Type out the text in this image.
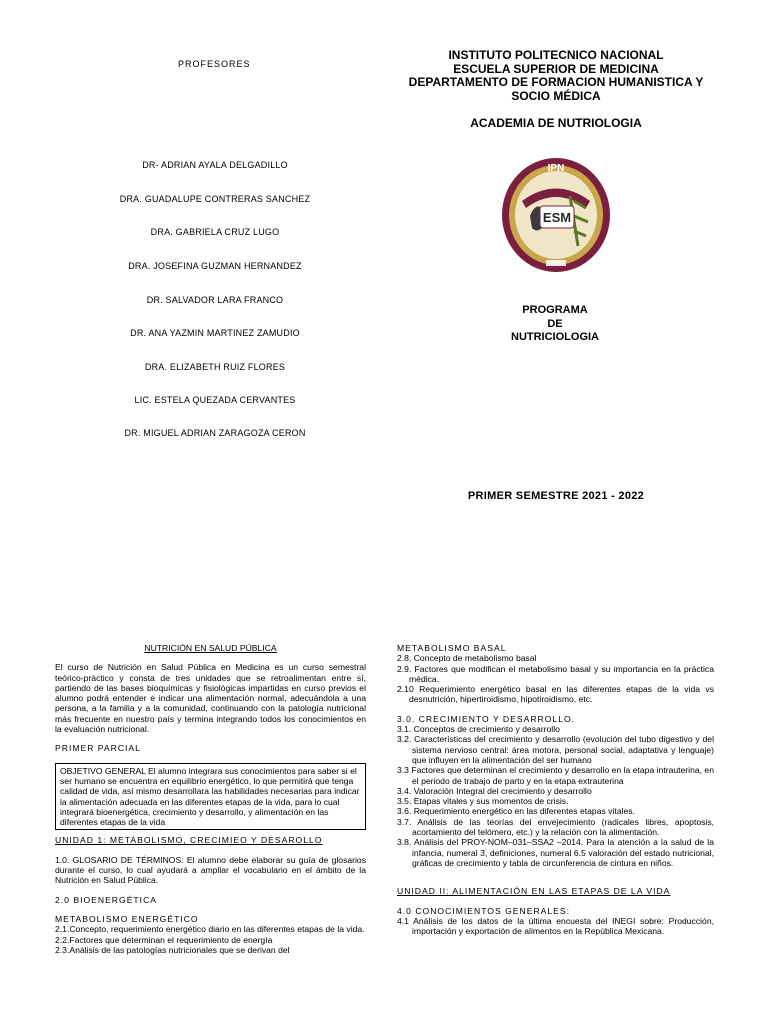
PROFESORES
DR- ADRIAN AYALA DELGADILLO
DRA. GUADALUPE CONTRERAS SANCHEZ
DRA. GABRIELA CRUZ LUGO
DRA. JOSEFINA GUZMAN HERNANDEZ
DR. SALVADOR LARA FRANCO
DR. ANA YAZMIN MARTINEZ ZAMUDIO
DRA. ELIZABETH RUIZ FLORES
LIC. ESTELA QUEZADA CERVANTES
DR. MIGUEL ADRIAN ZARAGOZA CERON
INSTITUTO POLITECNICO NACIONAL
ESCUELA SUPERIOR DE MEDICINA
DEPARTAMENTO DE FORMACION HUMANISTICA Y
SOCIO MÉDICA
ACADEMIA DE NUTRIOLOGIA
ESM
IPN
PROGRAMA
DE
NUTRICIOLOGIA
PRIMER SEMESTRE 2021 - 2022
NUTRICIÓN EN SALUD PÚBLICA
El curso de Nutrición en Salud Pública en Medicina es un curso semestral teórico-práctico y consta de tres unidades que se retroalimentan entre sí, partiendo de las bases bioquímicas y fisiológicas impartidas en curso previos el alumno podrá entender e indicar una alimentación normal, adecuándola a una persona, a la familia y a la comunidad, continuando con la patología nutricional más frecuente en nuestro país y termina integrando todos los conocimientos en la evaluación nutricional.
PRIMER PARCIAL
OBJETIVO GENERAL El alumno integrara sus conocimientos para saber si el ser humano se encuentra en equilibrio energético, lo que permitirá que tenga calidad de vida, así mismo desarrollara las habilidades necesarias para indicar la alimentación adecuada en las diferentes etapas de la vida, para lo cual integrará bioenergética, crecimiento y desarrollo, y alimentación en las diferentes etapas de la vida
UNIDAD 1: METABOLISMO, CRECIMIEO Y DESAROLLO
1.0. GLOSARIO DE TÉRMINOS: El alumno debe elaborar su guía de glosarios durante el curso, lo cual ayudará a ampliar el vocabulario en el ámbito de la Nutrición en Salud Pública.
2.0 BIOENERGÉTICA
METABOLISMO ENERGÉTICO
2.1.Concepto, requerimiento energético diario en las diferentes etapas de la vida.
2.2.Factores que determinan el requerimiento de energía
2.3.Análisis de las patologías nutricionales que se derivan del
METABOLISMO BASAL
2.8. Concepto de metabolismo basal
2.9. Factores que modifican el metabolismo basal y su importancia en la práctica médica.
2.10 Requerimiento energético basal en las diferentes etapas de la vida vs desnutrición, hipertiroidismo, hipotiroidismo, etc.
3.0. CRECIMIENTO Y DESARROLLO.
3.1. Conceptos de crecimiento y desarrollo
3.2. Características del crecimiento y desarrollo (evolución del tubo digestivo y del sistema nervioso central: área motora, personal social, adaptativa y lenguaje) que influyen en la alimentación del ser humano
3.3 Factores que determinan el crecimiento y desarrollo en la etapa intrauterina, en el periodo de trabajo de parto y en la etapa extrauterina
3.4. Valoración Integral del crecimiento y desarrollo
3.5. Etapas vitales y sus momentos de crisis.
3.6. Requerimiento energético en las diferentes etapas vitales.
3.7. Análisis de las teorías del envejecimiento (radicales libres, apoptosis, acortamiento del telómero, etc.) y la relación con la alimentación.
3.8. Análisis del PROY-NOM–031–SSA2 –2014. Para la atención a la salud de la infancia, numeral 3, definiciones, numeral 6.5 valoración del estado nutricional, gráficas de crecimiento y tabla de circunferencia de cintura en niños.
UNIDAD II: ALIMENTACIÓN EN LAS ETAPAS DE LA VIDA
4.0 CONOCIMIENTOS GENERALES:
4.1 Análisis de los datos de la última encuesta del INEGI sobre: Producción, importación y exportación de alimentos en la República Mexicana.
